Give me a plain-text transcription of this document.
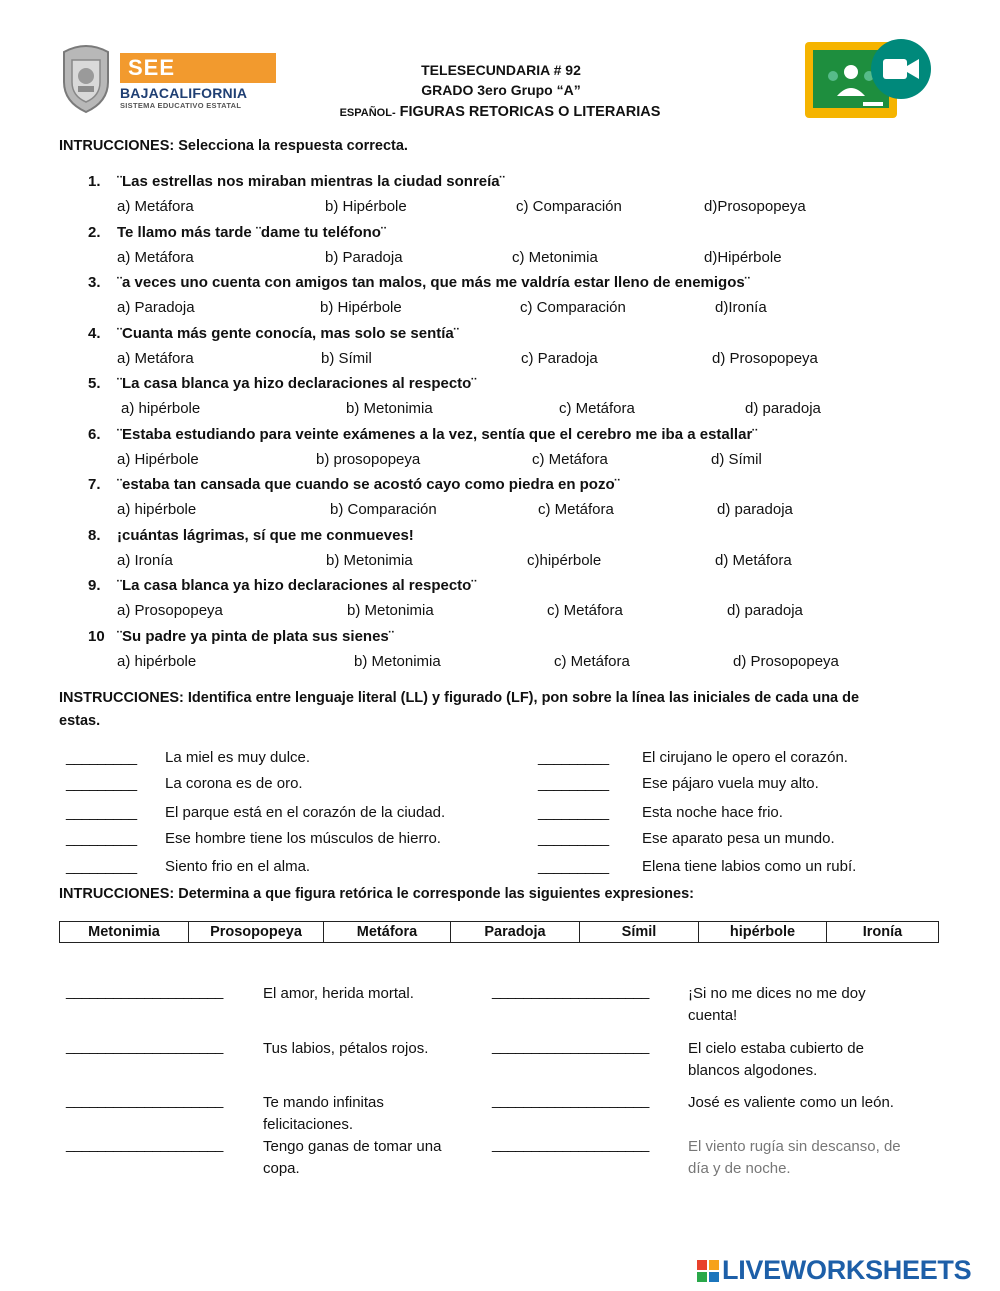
SEE
BAJACALIFORNIA
SISTEMA EDUCATIVO ESTATAL
TELESECUNDARIA # 92
GRADO 3ero Grupo “A”
ESPAÑOL- FIGURAS RETORICAS O LITERARIAS
INTRUCCIONES: Selecciona la respuesta correcta.
1. ¨Las estrellas nos miraban mientras la ciudad sonreía¨
a) Metáfora	b) Hipérbole	c) Comparación	d)Prosopopeya
2. Te llamo más tarde ¨dame tu teléfono¨
a) Metáfora	b) Paradoja	c) Metonimia	d)Hipérbole
3. ¨a veces uno cuenta con amigos tan malos, que más me valdría estar lleno de enemigos¨
a) Paradoja	b) Hipérbole	c) Comparación	d)Ironía
4. ¨Cuanta más gente conocía, mas solo se sentía¨
a) Metáfora	b) Símil	c) Paradoja	d) Prosopopeya
5. ¨La casa blanca ya hizo declaraciones al respecto¨
a) hipérbole	b) Metonimia	c) Metáfora	d) paradoja
6. ¨Estaba estudiando para veinte exámenes a la vez, sentía que el cerebro me iba a estallar¨
a) Hipérbole	b) prosopopeya	c) Metáfora	d) Símil
7. ¨estaba tan cansada que cuando se acostó cayo como piedra en pozo¨
a) hipérbole	b) Comparación	c) Metáfora	d) paradoja
8. ¡cuántas lágrimas, sí que me conmueves!
a) Ironía	b) Metonimia	c)hipérbole	d) Metáfora
9. ¨La casa blanca ya hizo declaraciones al respecto¨
a) Prosopopeya	b) Metonimia	c) Metáfora	d) paradoja
10 ¨Su padre ya pinta de plata sus sienes¨
a) hipérbole	b) Metonimia	c) Metáfora	d) Prosopopeya
INSTRUCCIONES: Identifica entre lenguaje literal (LL) y figurado (LF), pon sobre la línea las iniciales de cada una de
estas.
_________ La miel es muy dulce.
_________ La corona es de oro.
_________ El parque está en el corazón de la ciudad.
_________ Ese hombre tiene los músculos de hierro.
_________ Siento frio en el alma.
_________ El cirujano le opero el corazón.
_________ Ese pájaro vuela muy alto.
_________ Esta noche hace frio.
_________ Ese aparato pesa un mundo.
_________ Elena tiene labios como un rubí.
INTRUCCIONES: Determina a que figura retórica le corresponde las siguientes expresiones:
Metonimia	Prosopopeya	Metáfora	Paradoja	Símil	hipérbole	Ironía
____________________	El amor, herida mortal.
____________________	Tus labios, pétalos rojos.
____________________	Te mando infinitas felicitaciones.
____________________	Tengo ganas de tomar una copa.
____________________	¡Si no me dices no me doy cuenta!
____________________	El cielo estaba cubierto de blancos algodones.
____________________	José es valiente como un león.
____________________	El viento rugía sin descanso, de día y de noche.
LIVEWORKSHEETS
